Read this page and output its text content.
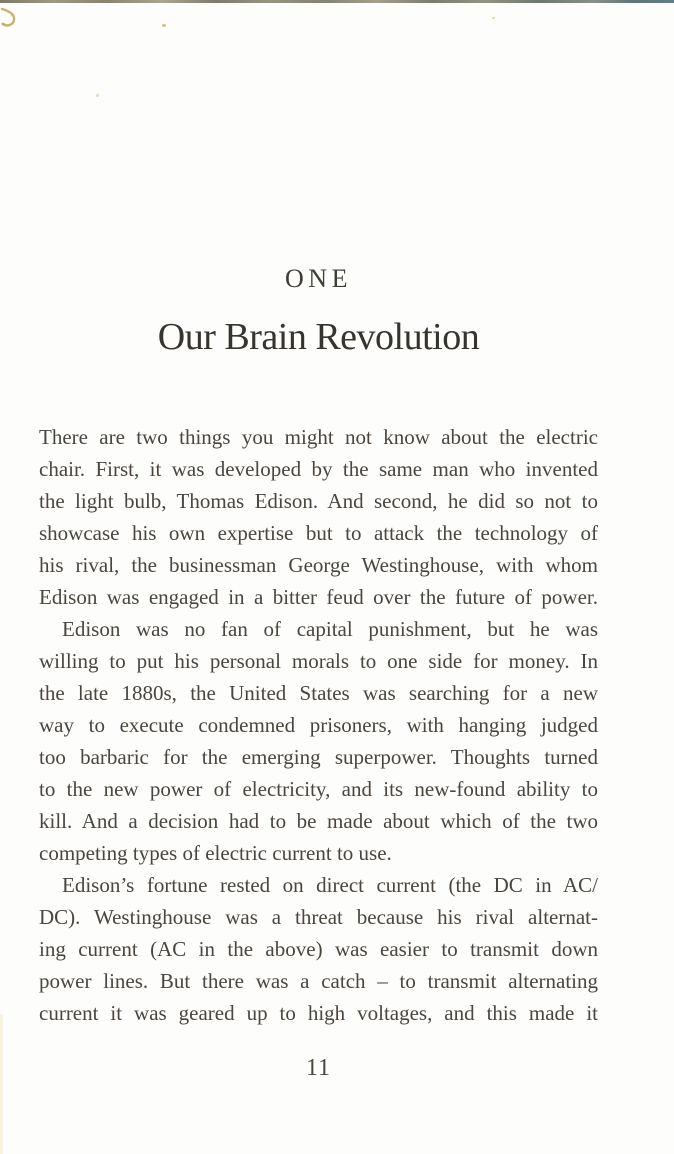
ONE
Our Brain Revolution
There are two things you might not know about the electric
chair. First, it was developed by the same man who invented
the light bulb, Thomas Edison. And second, he did so not to
showcase his own expertise but to attack the technology of
his rival, the businessman George Westinghouse, with whom
Edison was engaged in a bitter feud over the future of power.
Edison was no fan of capital punishment, but he was
willing to put his personal morals to one side for money. In
the late 1880s, the United States was searching for a new
way to execute condemned prisoners, with hanging judged
too barbaric for the emerging superpower. Thoughts turned
to the new power of electricity, and its new-found ability to
kill. And a decision had to be made about which of the two
competing types of electric current to use.
Edison’s fortune rested on direct current (the DC in AC/
DC). Westinghouse was a threat because his rival alternat-
ing current (AC in the above) was easier to transmit down
power lines. But there was a catch – to transmit alternating
current it was geared up to high voltages, and this made it
11
